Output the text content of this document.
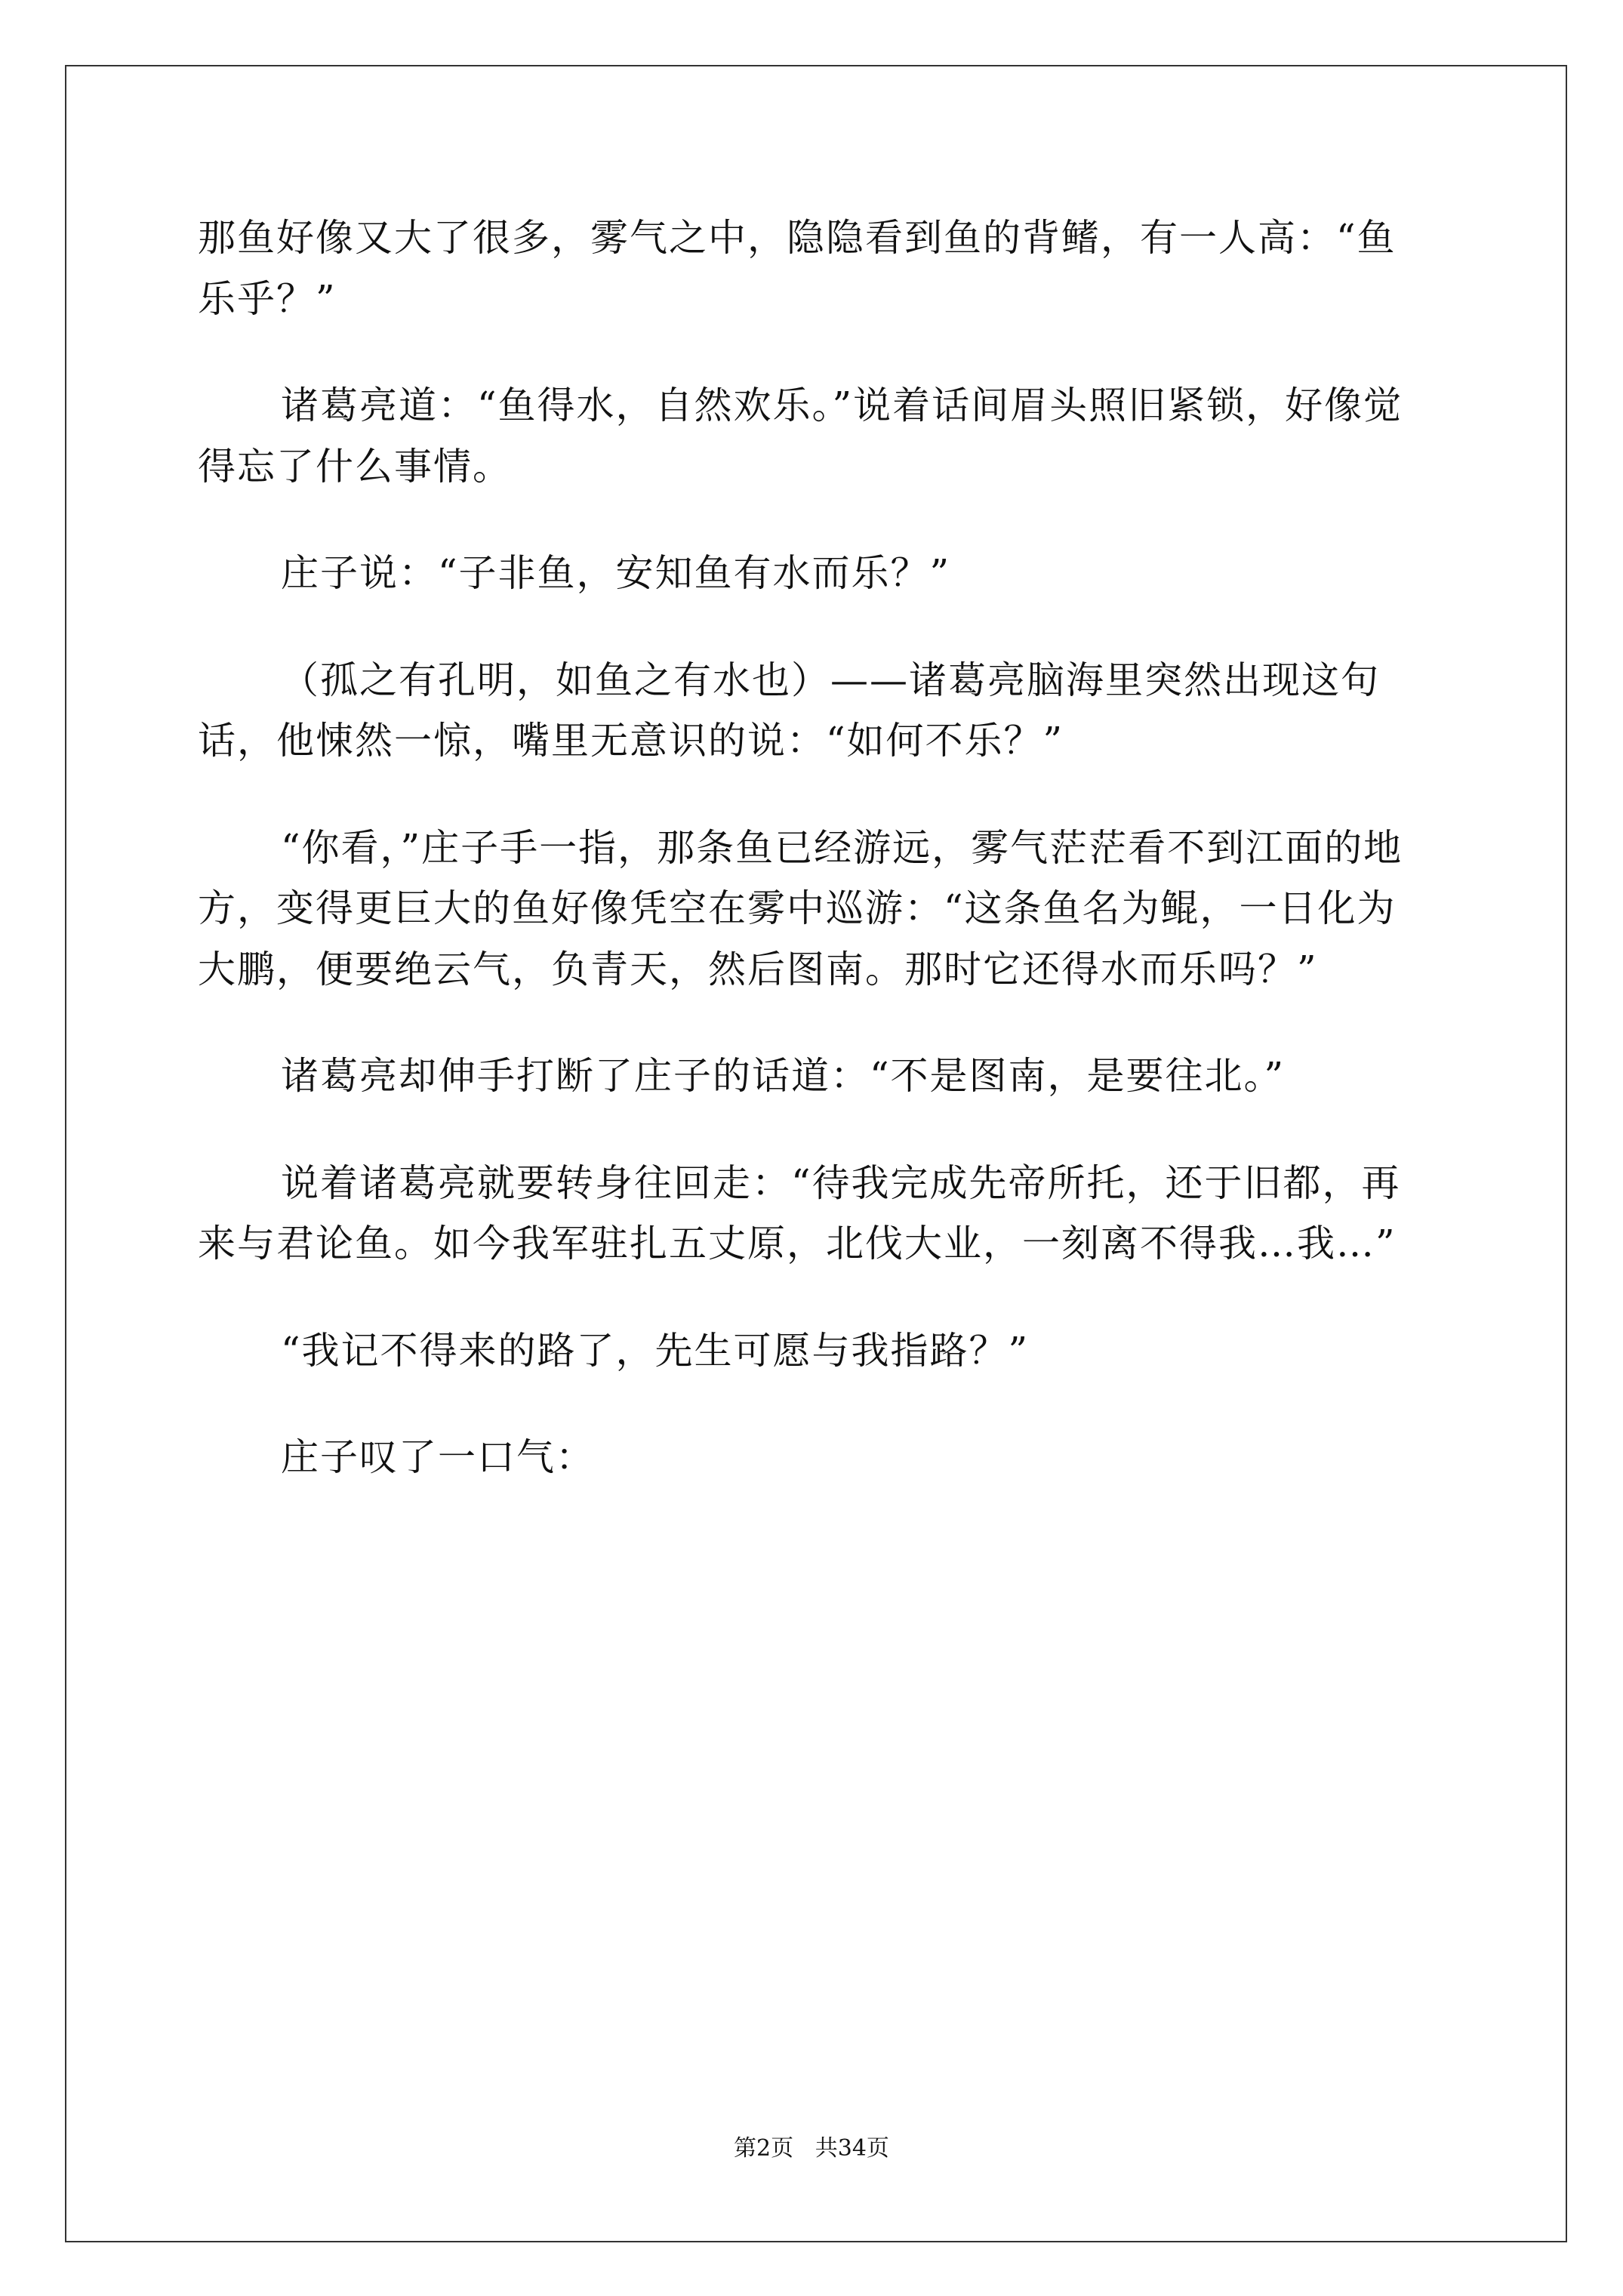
那鱼好像又大了很多，雾气之中，隐隐看到鱼的背鳍，有一人高：“鱼乐乎？”

诸葛亮道：“鱼得水，自然欢乐。”说着话间眉头照旧紧锁，好像觉得忘了什么事情。

庄子说：“子非鱼，安知鱼有水而乐？”

（孤之有孔明，如鱼之有水也）——诸葛亮脑海里突然出现这句话，他悚然一惊，嘴里无意识的说：“如何不乐？”

“你看，”庄子手一指，那条鱼已经游远，雾气茫茫看不到江面的地方，变得更巨大的鱼好像凭空在雾中巡游：“这条鱼名为鲲，一日化为大鹏，便要绝云气，负青天，然后图南。那时它还得水而乐吗？”

诸葛亮却伸手打断了庄子的话道：“不是图南，是要往北。”

说着诸葛亮就要转身往回走：“待我完成先帝所托，还于旧都，再来与君论鱼。如今我军驻扎五丈原，北伐大业，一刻离不得我…我…”

“我记不得来的路了，先生可愿与我指路？”

庄子叹了一口气：

第2页 共34页
